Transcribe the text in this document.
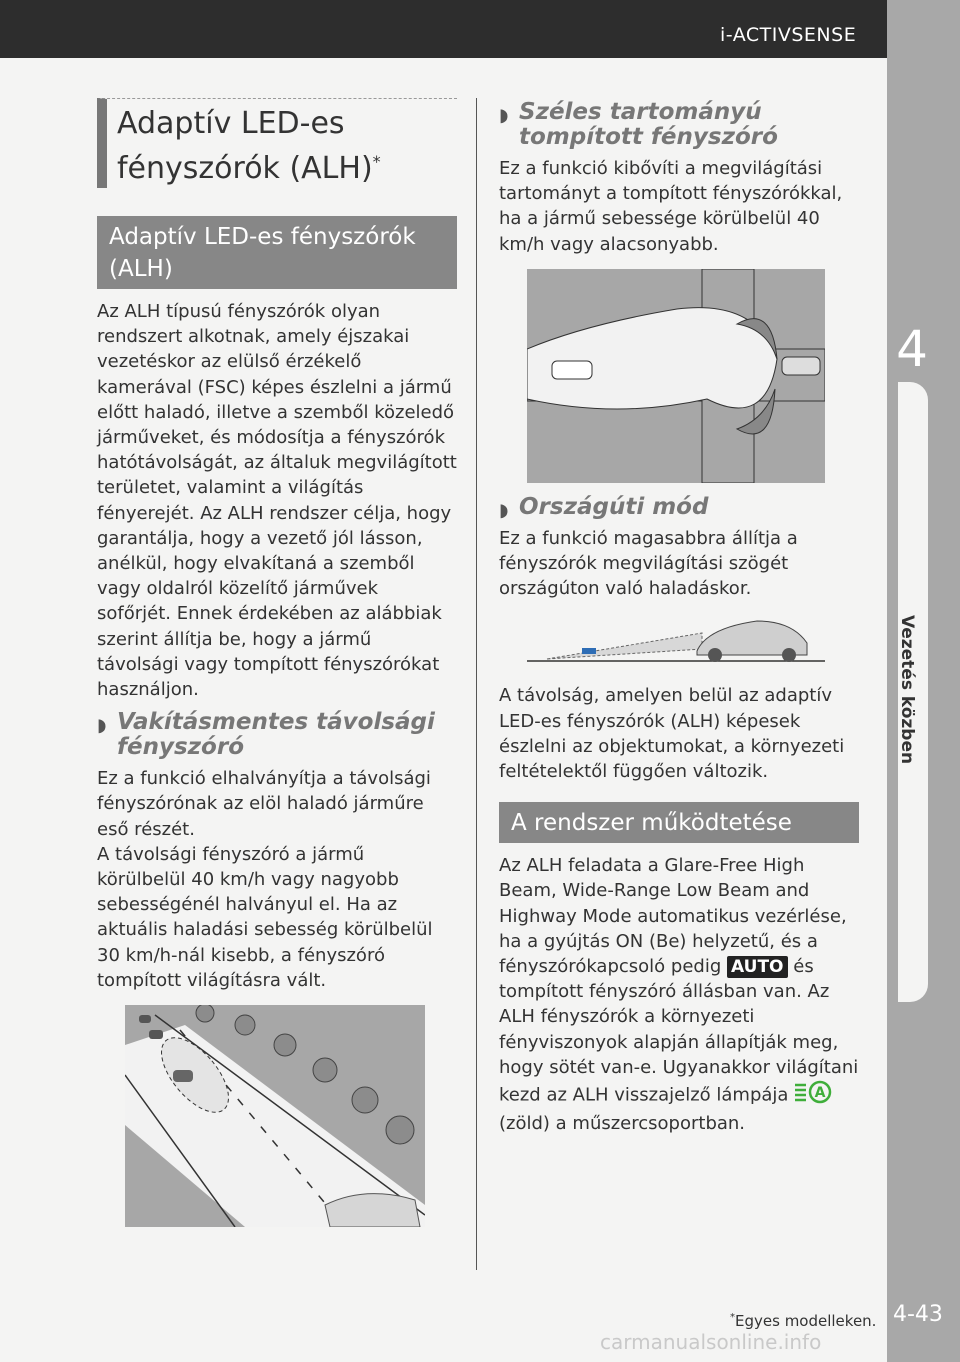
i-ACTIVSENSE
4
Vezetés közben
Adaptív LED-es fényszórók (ALH)*
Adaptív LED-es fényszórók (ALH)

Az ALH típusú fényszórók olyan rendszert alkotnak, amely éjszakai vezetéskor az elülső érzékelő kamerával (FSC) képes észlelni a jármű előtt haladó, illetve a szemből közeledő járműveket, és módosítja a fényszórók hatótávolságát, az általuk megvilágított területet, valamint a világítás fényerejét. Az ALH rendszer célja, hogy garantálja, hogy a vezető jól lásson, anélkül, hogy elvakítaná a szemből vagy oldalról közelítő járművek sofőrjét. Ennek érdekében az alábbiak szerint állítja be, hogy a jármű távolsági vagy tompított fényszórókat használjon.

◗ Vakításmentes távolsági fényszóró

Ez a funkció elhalványítja a távolsági fényszórónak az elöl haladó járműre eső részét.

A távolsági fényszóró a jármű körülbelül 40 km/h vagy nagyobb sebességénél halványul el. Ha az aktuális haladási sebesség körülbelül 30 km/h-nál kisebb, a fényszóró tompított világításra vált.

◗ Széles tartományú tompított fényszóró

Ez a funkció kibővíti a megvilágítási tartományt a tompított fényszórókkal, ha a jármű sebessége körülbelül 40 km/h vagy alacsonyabb.

◗ Országúti mód

Ez a funkció magasabbra állítja a fényszórók megvilágítási szögét országúton való haladáskor.

A távolság, amelyen belül az adaptív LED-es fényszórók (ALH) képesek észlelni az objektumokat, a környezeti feltételektől függően változik.

A rendszer működtetése

Az ALH feladata a Glare-Free High Beam, Wide-Range Low Beam and Highway Mode automatikus vezérlése, ha a gyújtás ON (Be) helyzetű, és a fényszórókapcsoló pedig AUTO és tompított fényszóró állásban van. Az ALH fényszórók a környezeti fényviszonyok alapján állapítják meg, hogy sötét van-e. Ugyanakkor világítani kezd az ALH visszajelző lámpája A
(zöld) a műszercsoportban.

*Egyes modelleken. 4-43
carmanualsonline.info
